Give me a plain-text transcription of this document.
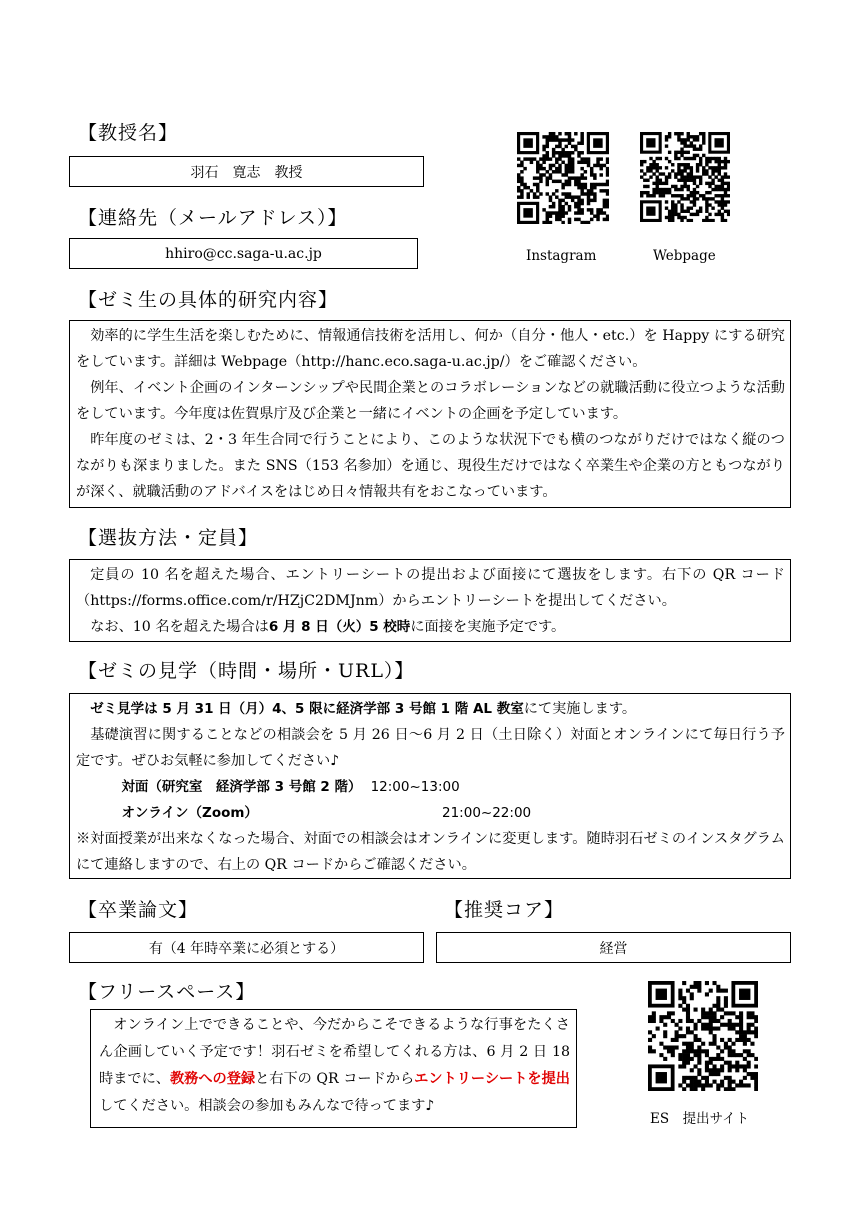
【教授名】
羽石　寛志　教授
【連絡先（メールアドレス）】
hhiro@cc.saga-u.ac.jp	Instagram	Webpage
【ゼミ生の具体的研究内容】

効率的に学生生活を楽しむために、情報通信技術を活用し、何か（自分・他人・etc.）を Happy にする研究をしています。詳細は Webpage（http://hanc.eco.saga-u.ac.jp/）をご確認ください。

例年、イベント企画のインターンシップや民間企業とのコラボレーションなどの就職活動に役立つような活動をしています。今年度は佐賀県庁及び企業と一緒にイベントの企画を予定しています。

昨年度のゼミは、2・3 年生合同で行うことにより、このような状況下でも横のつながりだけではなく縦のつながりも深まりました。また SNS（153 名参加）を通じ、現役生だけではなく卒業生や企業の方ともつながりが深く、就職活動のアドバイスをはじめ日々情報共有をおこなっています。

【選抜方法・定員】

定員の 10 名を超えた場合、エントリーシートの提出および面接にて選抜をします。右下の QR コード（https://forms.office.com/r/HZjC2DMJnm）からエントリーシートを提出してください。

なお、10 名を超えた場合は6 月 8 日（火）5 校時に面接を実施予定です。

【ゼミの見学（時間・場所・URL）】

ゼミ見学は 5 月 31 日（月）4、5 限に経済学部 3 号館 1 階 AL 教室にて実施します。

基礎演習に関することなどの相談会を 5 月 26 日〜6 月 2 日（土日除く）対面とオンラインにて毎日行う予定です。ぜひお気軽に参加してください♪

対面（研究室　経済学部 3 号館 2 階） 12:00~13:00

オンライン（Zoom）	21:00~22:00

※対面授業が出来なくなった場合、対面での相談会はオンラインに変更します。随時羽石ゼミのインスタグラムにて連絡しますので、右上の QR コードからご確認ください。

【卒業論文】	【推奨コア】
有（4 年時卒業に必須とする）	経営
【フリースペース】

オンライン上でできることや、今だからこそできるような行事をたくさん企画していく予定です！羽石ゼミを希望してくれる方は、6 月 2 日 18 時までに、教務への登録と右下の QR コードからエントリーシートを提出してください。相談会の参加もみんなで待ってます♪

ES　提出サイト
